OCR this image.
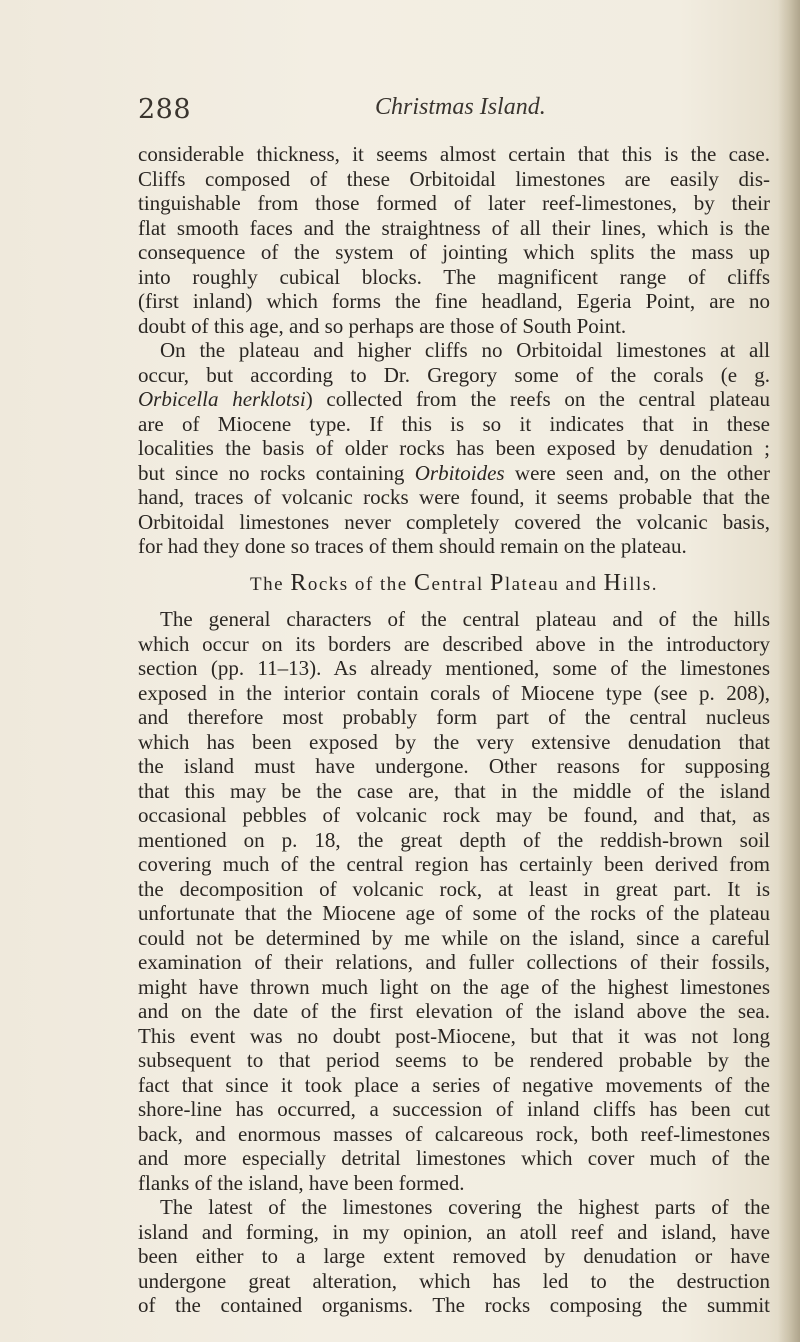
288	Christmas Island.
considerable thickness, it seems almost certain that this is the case.
Cliffs composed of these Orbitoidal limestones are easily dis-
tinguishable from those formed of later reef-limestones, by their
flat smooth faces and the straightness of all their lines, which is the
consequence of the system of jointing which splits the mass up
into roughly cubical blocks. The magnificent range of cliffs
(first inland) which forms the fine headland, Egeria Point, are no
doubt of this age, and so perhaps are those of South Point.
On the plateau and higher cliffs no Orbitoidal limestones at all
occur, but according to Dr. Gregory some of the corals (e g.
Orbicella herklotsi) collected from the reefs on the central plateau
are of Miocene type. If this is so it indicates that in these
localities the basis of older rocks has been exposed by denudation ;
but since no rocks containing Orbitoides were seen and, on the other
hand, traces of volcanic rocks were found, it seems probable that the
Orbitoidal limestones never completely covered the volcanic basis,
for had they done so traces of them should remain on the plateau.
The Rocks of the Central Plateau and Hills.
The general characters of the central plateau and of the hills
which occur on its borders are described above in the introductory
section (pp. 11–13). As already mentioned, some of the limestones
exposed in the interior contain corals of Miocene type (see p. 208),
and therefore most probably form part of the central nucleus
which has been exposed by the very extensive denudation that
the island must have undergone. Other reasons for supposing
that this may be the case are, that in the middle of the island
occasional pebbles of volcanic rock may be found, and that, as
mentioned on p. 18, the great depth of the reddish-brown soil
covering much of the central region has certainly been derived from
the decomposition of volcanic rock, at least in great part. It is
unfortunate that the Miocene age of some of the rocks of the plateau
could not be determined by me while on the island, since a careful
examination of their relations, and fuller collections of their fossils,
might have thrown much light on the age of the highest limestones
and on the date of the first elevation of the island above the sea.
This event was no doubt post-Miocene, but that it was not long
subsequent to that period seems to be rendered probable by the
fact that since it took place a series of negative movements of the
shore-line has occurred, a succession of inland cliffs has been cut
back, and enormous masses of calcareous rock, both reef-limestones
and more especially detrital limestones which cover much of the
flanks of the island, have been formed.
The latest of the limestones covering the highest parts of the
island and forming, in my opinion, an atoll reef and island, have
been either to a large extent removed by denudation or have
undergone great alteration, which has led to the destruction
of the contained organisms. The rocks composing the summit
